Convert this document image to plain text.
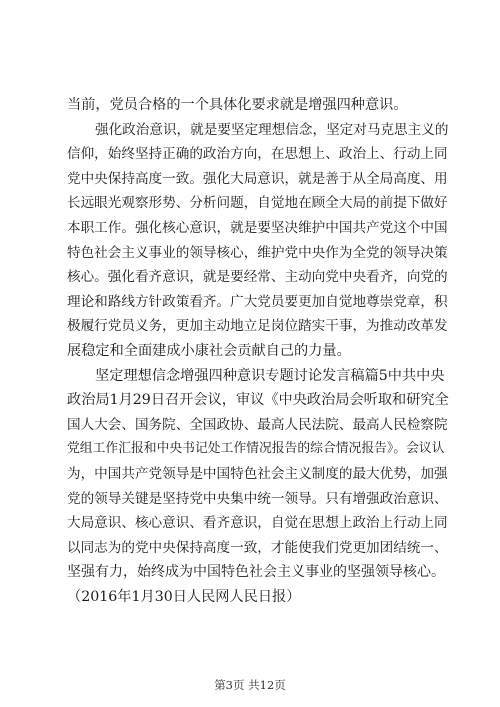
当前，党员合格的一个具体化要求就是增强四种意识。
强化政治意识，就是要坚定理想信念，坚定对马克思主义的
信仰，始终坚持正确的政治方向，在思想上、政治上、行动上同
党中央保持高度一致。强化大局意识，就是善于从全局高度、用
长远眼光观察形势、分析问题，自觉地在顾全大局的前提下做好
本职工作。强化核心意识，就是要坚决维护中国共产党这个中国
特色社会主义事业的领导核心，维护党中央作为全党的领导决策
核心。强化看齐意识，就是要经常、主动向党中央看齐，向党的
理论和路线方针政策看齐。广大党员要更加自觉地尊崇党章，积
极履行党员义务，更加主动地立足岗位踏实干事，为推动改革发
展稳定和全面建成小康社会贡献自己的力量。
坚定理想信念增强四种意识专题讨论发言稿篇5中共中央
政治局1月29日召开会议，审议《中央政治局会听取和研究全
国人大会、国务院、全国政协、最高人民法院、最高人民检察院
党组工作汇报和中央书记处工作情况报告的综合情况报告》。会议认
为，中国共产党领导是中国特色社会主义制度的最大优势，加强
党的领导关键是坚持党中央集中统一领导。只有增强政治意识、
大局意识、核心意识、看齐意识，自觉在思想上政治上行动上同
以同志为的党中央保持高度一致，才能使我们党更加团结统一、
坚强有力，始终成为中国特色社会主义事业的坚强领导核心。
（2016年1月30日人民网人民日报）
第3页 共12页
